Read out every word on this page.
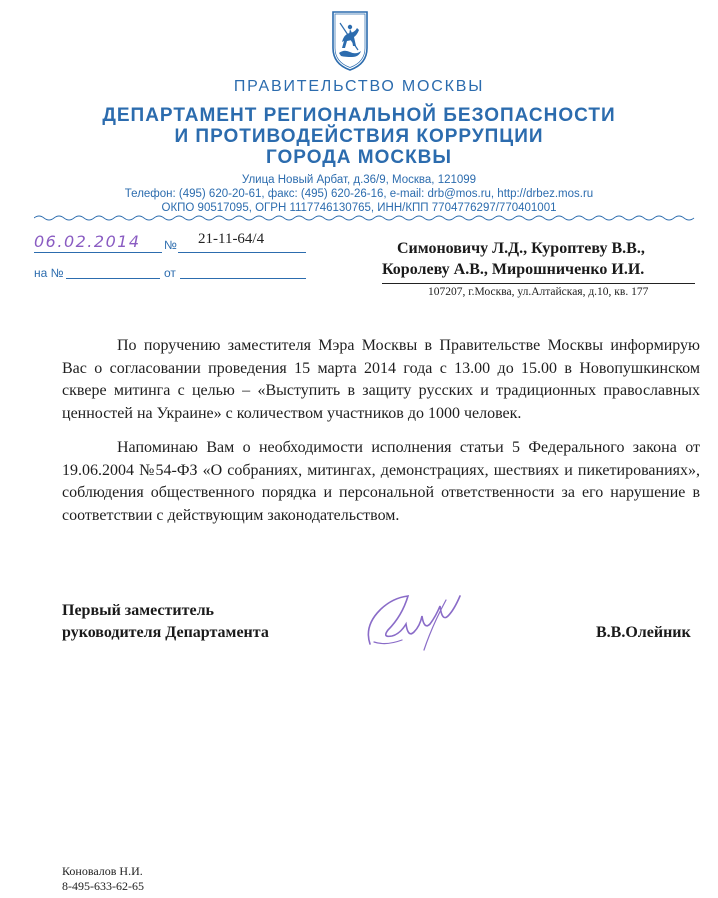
ПРАВИТЕЛЬСТВО МОСКВЫ
ДЕПАРТАМЕНТ РЕГИОНАЛЬНОЙ БЕЗОПАСНОСТИ
И ПРОТИВОДЕЙСТВИЯ КОРРУПЦИИ
ГОРОДА МОСКВЫ
Улица Новый Арбат, д.36/9, Москва, 121099
Телефон: (495) 620-20-61, факс: (495) 620-26-16, e-mail: drb@mos.ru, http://drbez.mos.ru
ОКПО 90517095, ОГРН 1117746130765, ИНН/КПП 7704776297/770401001
06.02.2014 № 21-11-64/4
на №	от
Симоновичу Л.Д., Куроптеву В.В.,
Королеву А.В., Мирошниченко И.И.
107207, г.Москва, ул.Алтайская, д.10, кв. 177
По поручению заместителя Мэра Москвы в Правительстве Москвы информирую Вас о согласовании проведения 15 марта 2014 года с 13.00 до 15.00 в Новопушкинском сквере митинга с целью – «Выступить в защиту русских и традиционных православных ценностей на Украине» с количеством участников до 1000 человек.
Напоминаю Вам о необходимости исполнения статьи 5 Федерального закона от 19.06.2004 №54-ФЗ «О собраниях, митингах, демонстрациях, шествиях и пикетированиях», соблюдения общественного порядка и персональной ответственности за его нарушение в соответствии с действующим законодательством.
Первый заместитель
руководителя Департамента	В.В.Олейник
Коновалов Н.И.
8-495-633-62-65
